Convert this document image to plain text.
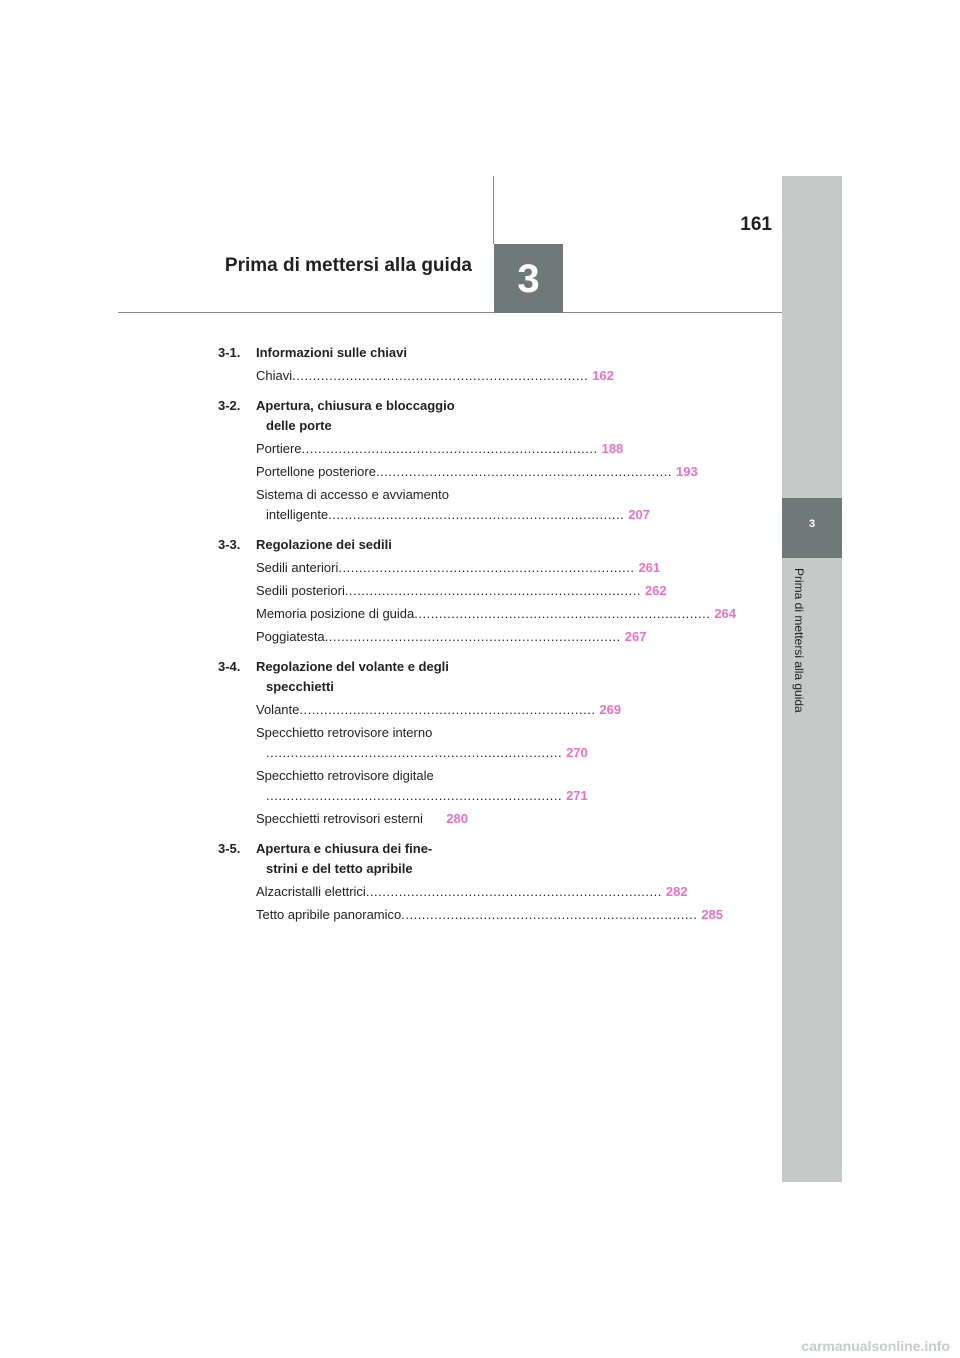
3
Prima di mettersi alla guida
3
161
Prima di mettersi alla guida
3-1.	Informazioni sulle chiavi
Chiavi ........................................................................ 162
3-2.	Apertura, chiusura e bloccaggio
delle porte
Portiere ........................................................................ 188
Portellone posteriore ........................................................................ 193
Sistema di accesso e avviamento
intelligente ........................................................................ 207
3-3.	Regolazione dei sedili
Sedili anteriori ........................................................................ 261
Sedili posteriori ........................................................................ 262
Memoria posizione di guida ........................................................................ 264
Poggiatesta ........................................................................ 267
3-4.	Regolazione del volante e degli
specchietti
Volante ........................................................................ 269
Specchietto retrovisore interno
........................................................................ 270
Specchietto retrovisore digitale
........................................................................ 271
Specchietti retrovisori esterni 280
3-5.	Apertura e chiusura dei fine-
strini e del tetto apribile
Alzacristalli elettrici ........................................................................ 282
Tetto apribile panoramico ........................................................................ 285
carmanualsonline.info
